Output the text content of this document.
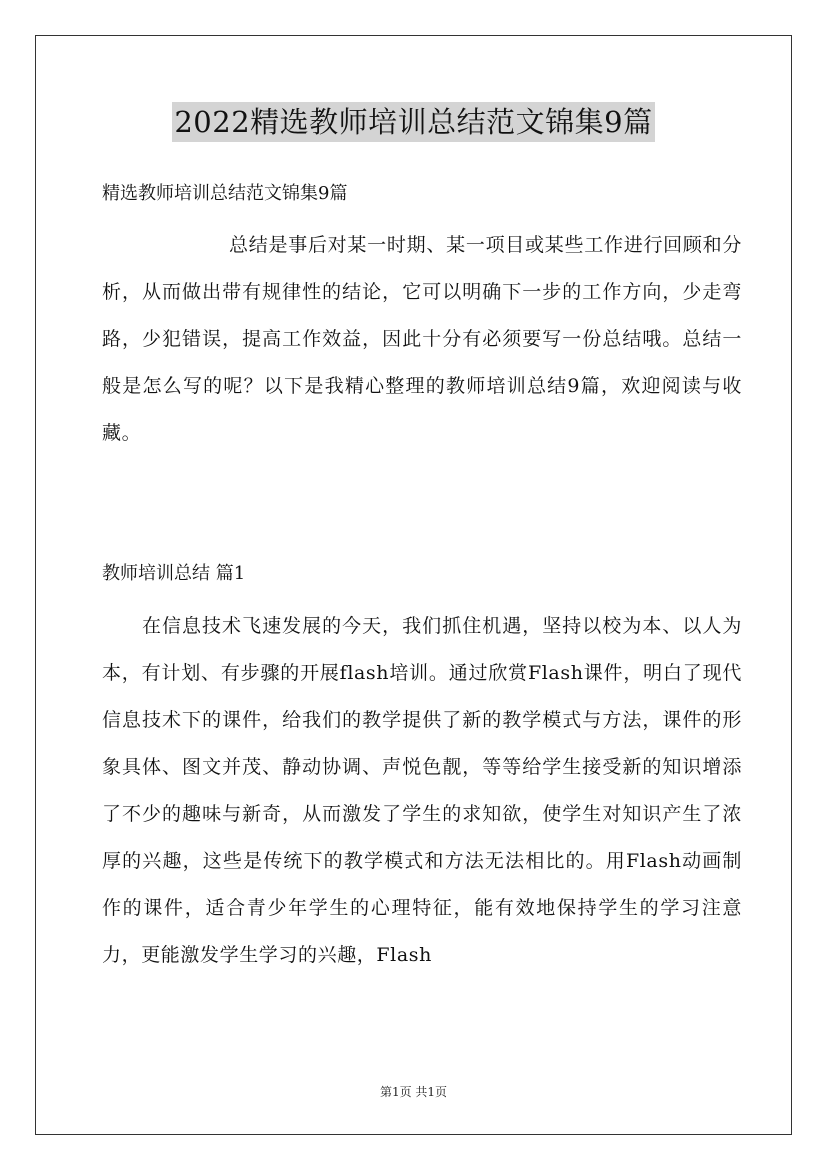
2022精选教师培训总结范文锦集9篇

精选教师培训总结范文锦集9篇

总结是事后对某一时期、某一项目或某些工作进行回顾和分析，从而做出带有规律性的结论，它可以明确下一步的工作方向，少走弯路，少犯错误，提高工作效益，因此十分有必须要写一份总结哦。总结一般是怎么写的呢？以下是我精心整理的教师培训总结9篇，欢迎阅读与收藏。

教师培训总结 篇1

在信息技术飞速发展的今天，我们抓住机遇，坚持以校为本、以人为本，有计划、有步骤的开展flash培训。通过欣赏Flash课件，明白了现代信息技术下的课件，给我们的教学提供了新的教学模式与方法，课件的形象具体、图文并茂、静动协调、声悦色靓，等等给学生接受新的知识增添了不少的趣味与新奇，从而激发了学生的求知欲，使学生对知识产生了浓厚的兴趣，这些是传统下的教学模式和方法无法相比的。用Flash动画制作的课件，适合青少年学生的心理特征，能有效地保持学生的学习注意力，更能激发学生学习的兴趣，Flash

第1页 共1页
